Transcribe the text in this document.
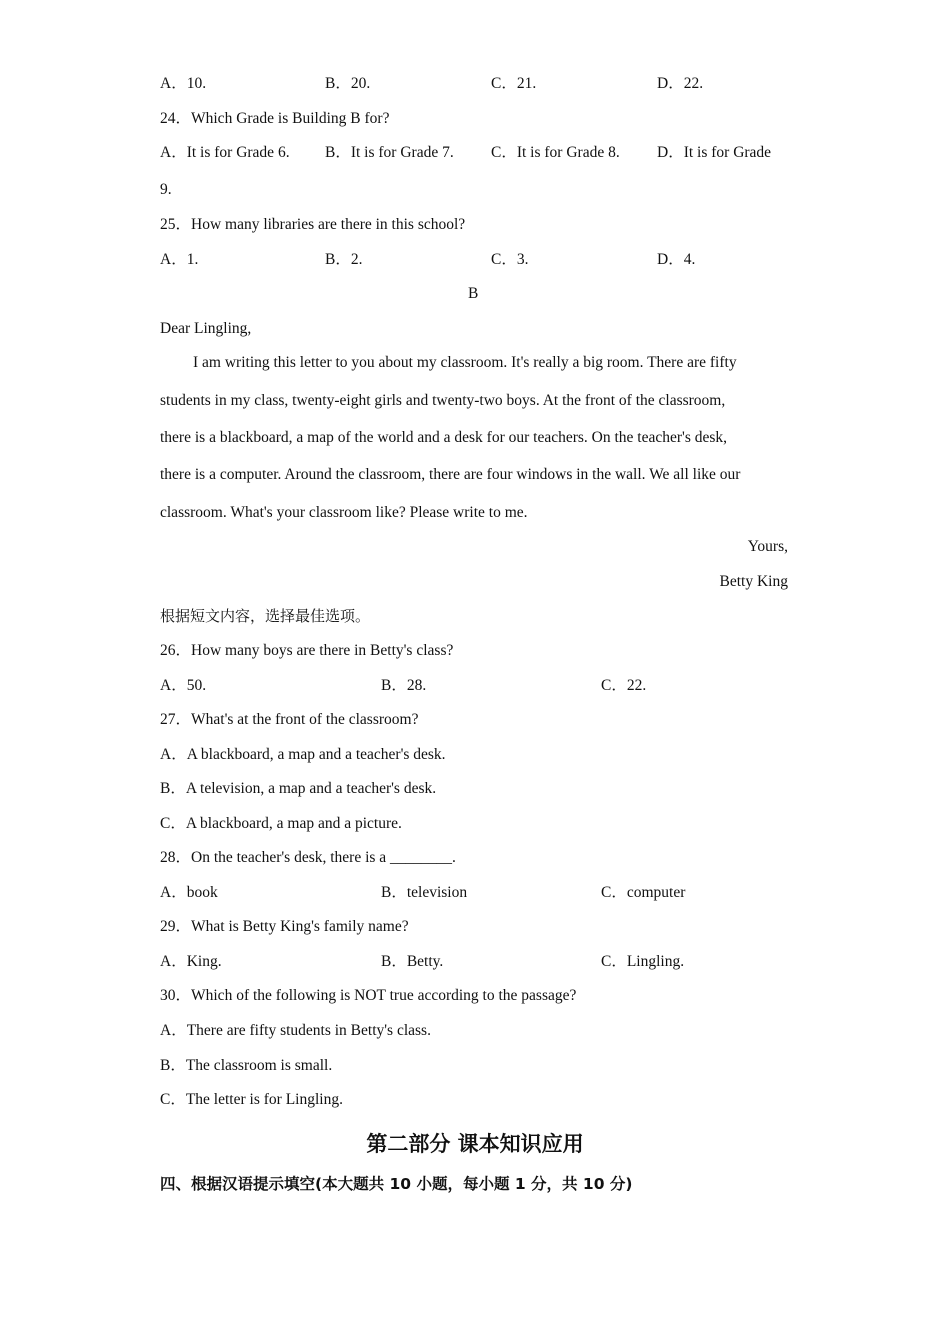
A．10.	B．20.	C．21.	D．22.
24．Which Grade is Building B for?
A．It is for Grade 6. B．It is for Grade 7. C．It is for Grade 8. D．It is for Grade
9.
25．How many libraries are there in this school?
A．1.	B．2.	C．3.	D．4.
B
Dear Lingling,
I am writing this letter to you about my classroom. It's really a big room. There are fifty
students in my class, twenty-eight girls and twenty-two boys. At the front of the classroom,
there is a blackboard, a map of the world and a desk for our teachers. On the teacher's desk,
there is a computer. Around the classroom, there are four windows in the wall. We all like our
classroom. What's your classroom like? Please write to me.
Yours,
Betty King
根据短文内容，选择最佳选项。
26．How many boys are there in Betty's class?
A．50.	B．28.	C．22.
27．What's at the front of the classroom?
A．A blackboard, a map and a teacher's desk.
B．A television, a map and a teacher's desk.
C．A blackboard, a map and a picture.
28．On the teacher's desk, there is a ________.
A．book	B．television	C．computer
29．What is Betty King's family name?
A．King.	B．Betty.	C．Lingling.
30．Which of the following is NOT true according to the passage?
A．There are fifty students in Betty's class.
B．The classroom is small.
C．The letter is for Lingling.
第二部分 课本知识应用
四、根据汉语提示填空(本大题共 10 小题，每小题 1 分，共 10 分)
